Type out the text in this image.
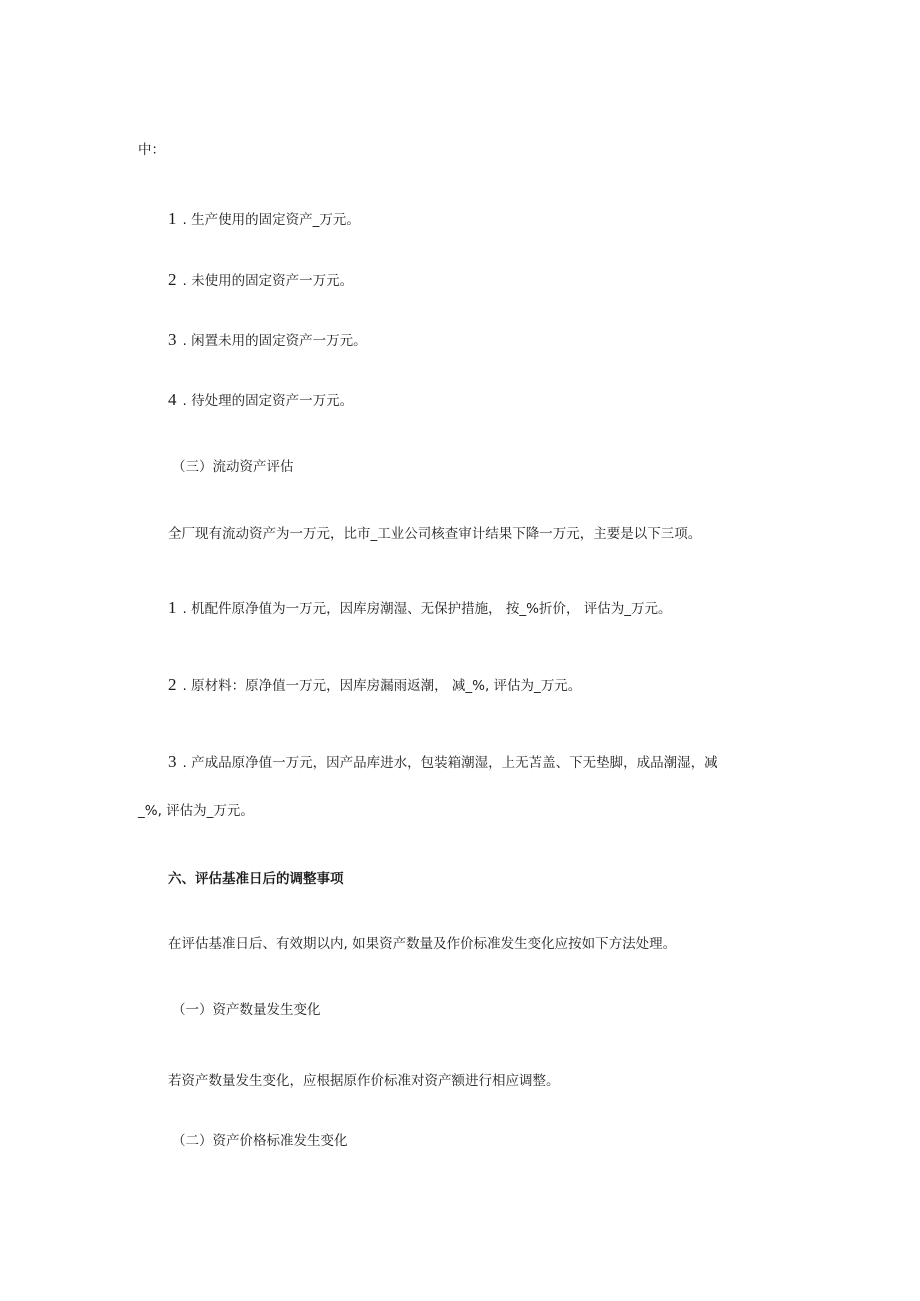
中：
1 . 生产使用的固定资产_万元。
2 . 未使用的固定资产一万元。
3 . 闲置未用的固定资产一万元。
4 . 待处理的固定资产一万元。
（三）流动资产评估
全厂现有流动资产为一万元，比市_工业公司核查审计结果下降一万元，主要是以下三项。
1 . 机配件原净值为一万元，因库房潮湿、无保护措施， 按_%折价， 评估为_万元。
2 . 原材料：原净值一万元，因库房漏雨返潮， 减_%, 评估为_万元。
3 . 产成品原净值一万元，因产品库进水，包装箱潮湿，上无苫盖、下无垫脚，成品潮湿，减
_%, 评估为_万元。
六、评估基准日后的调整事项
在评估基准日后、有效期以内, 如果资产数量及作价标准发生变化应按如下方法处理。
（一）资产数量发生变化
若资产数量发生变化，应根据原作价标准对资产额进行相应调整。
（二）资产价格标准发生变化
